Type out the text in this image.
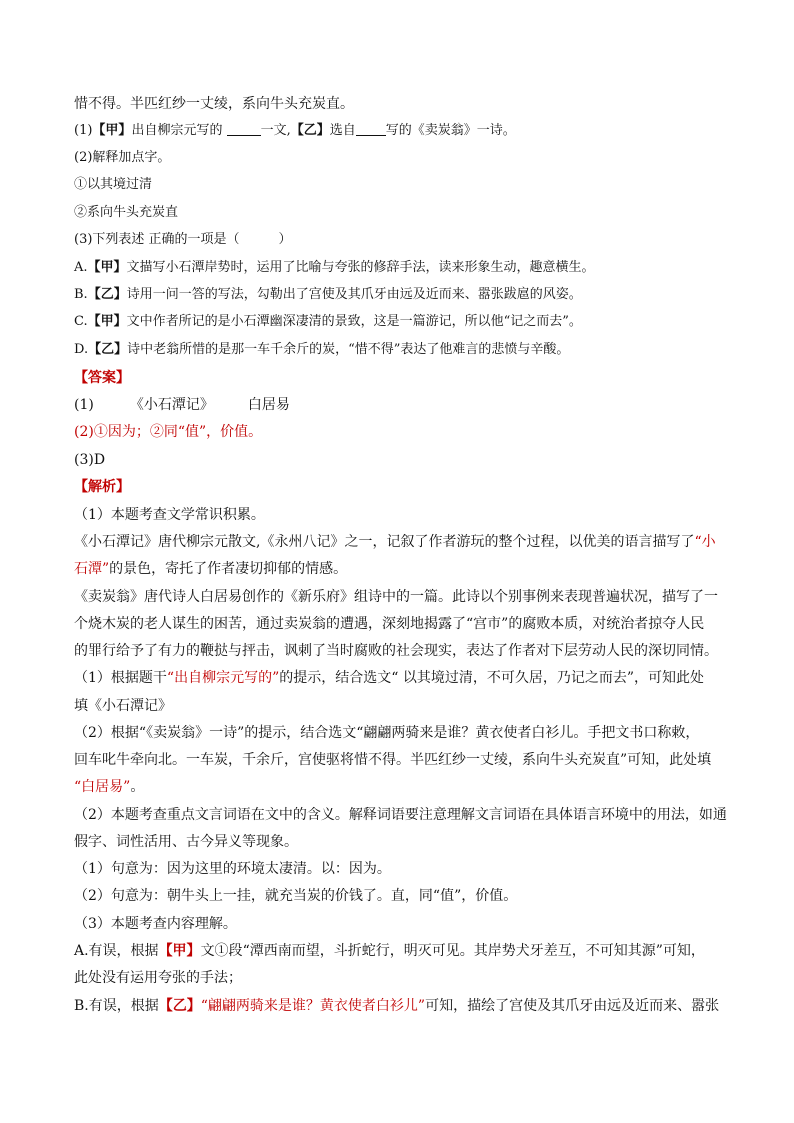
惜不得。半匹红纱一丈绫，系向牛头充炭直。
(1)【甲】出自柳宗元写的	一文,【乙】选自 写的《卖炭翁》一诗。
(2)解释加点字。
①以其境过清
②系向牛头充炭直
(3)下列表述 正确的一项是（　　　）
A.【甲】文描写小石潭岸势时，运用了比喻与夸张的修辞手法，读来形象生动，趣意横生。
B.【乙】诗用一问一答的写法，勾勒出了宫使及其爪牙由远及近而来、嚣张跋扈的风姿。
C.【甲】文中作者所记的是小石潭幽深凄清的景致，这是一篇游记，所以他“记之而去”。
D.【乙】诗中老翁所惜的是那一车千余斤的炭，“惜不得”表达了他难言的悲愤与辛酸。
【答案】
(1)	《小石潭记》 白居易
(2)①因为；②同“值”，价值。
(3)D
【解析】
（1）本题考查文学常识积累。
《小石潭记》唐代柳宗元散文,《永州八记》之一，记叙了作者游玩的整个过程，以优美的语言描写了“小
石潭”的景色，寄托了作者凄切抑郁的情感。
《卖炭翁》唐代诗人白居易创作的《新乐府》组诗中的一篇。此诗以个别事例来表现普遍状况，描写了一
个烧木炭的老人谋生的困苦，通过卖炭翁的遭遇，深刻地揭露了“宫市”的腐败本质，对统治者掠夺人民
的罪行给予了有力的鞭挞与抨击，讽刺了当时腐败的社会现实，表达了作者对下层劳动人民的深切同情。
（1）根据题干“出自柳宗元写的”的提示，结合选文“ 以其境过清，不可久居，乃记之而去”，可知此处
填《小石潭记》
（2）根据“《卖炭翁》一诗”的提示，结合选文“翩翩两骑来是谁？黄衣使者白衫儿。手把文书口称敕，
回车叱牛牵向北。一车炭，千余斤，宫使驱将惜不得。半匹红纱一丈绫，系向牛头充炭直”可知，此处填
“白居易”。
（2）本题考查重点文言词语在文中的含义。解释词语要注意理解文言词语在具体语言环境中的用法，如通
假字、词性活用、古今异义等现象。
（1）句意为：因为这里的环境太凄清。以：因为。
（2）句意为：朝牛头上一挂，就充当炭的价钱了。直，同“值”，价值。
（3）本题考查内容理解。
A.有误，根据【甲】文①段“潭西南而望，斗折蛇行，明灭可见。其岸势犬牙差互，不可知其源”可知，
此处没有运用夸张的手法；
B.有误，根据【乙】“翩翩两骑来是谁？黄衣使者白衫儿”可知，描绘了宫使及其爪牙由远及近而来、嚣张
